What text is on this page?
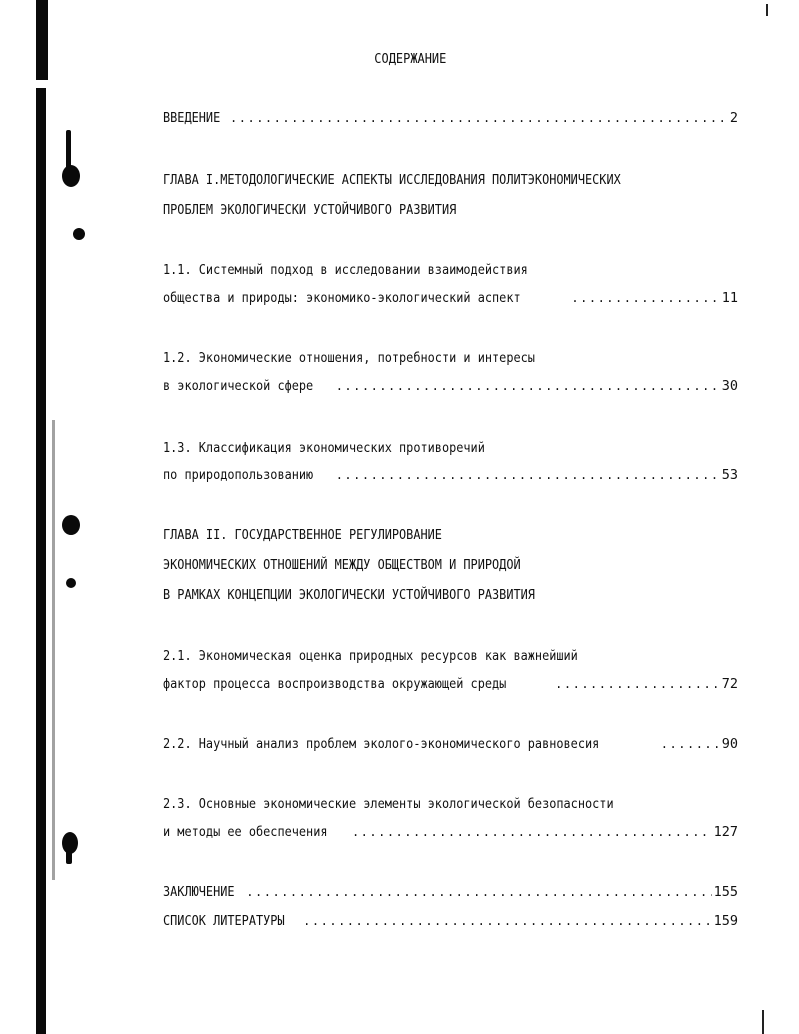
СОДЕРЖАНИЕ
ВВЕДЕНИЕ .....	2
ГЛАВА I.МЕТОДОЛОГИЧЕСКИЕ АСПЕКТЫ ИССЛЕДОВАНИЯ ПОЛИТЭКОНОМИЧЕСКИХ
ПРОБЛЕМ ЭКОЛОГИЧЕСКИ УСТОЙЧИВОГО РАЗВИТИЯ
1.1. Системный подход в исследовании взаимодействия
общества и природы: экономико-экологический аспект .....	11
1.2. Экономические отношения, потребности и интересы
в экологической сфере .....	30
1.3. Классификация экономических противоречий
по природопользованию .....	53
ГЛАВА II. ГОСУДАРСТВЕННОЕ РЕГУЛИРОВАНИЕ
ЭКОНОМИЧЕСКИХ ОТНОШЕНИЙ МЕЖДУ ОБЩЕСТВОМ И ПРИРОДОЙ
В РАМКАХ КОНЦЕПЦИИ ЭКОЛОГИЧЕСКИ УСТОЙЧИВОГО РАЗВИТИЯ
2.1. Экономическая оценка природных ресурсов как важнейший
фактор процесса воспроизводства окружающей среды .....	72
2.2. Научный анализ проблем эколого-экономического равновесия .....	90
2.3. Основные экономические элементы экологической безопасности
и методы ее обеспечения .....	127
ЗАКЛЮЧЕНИЕ .....	155
СПИСОК ЛИТЕРАТУРЫ .....	159
